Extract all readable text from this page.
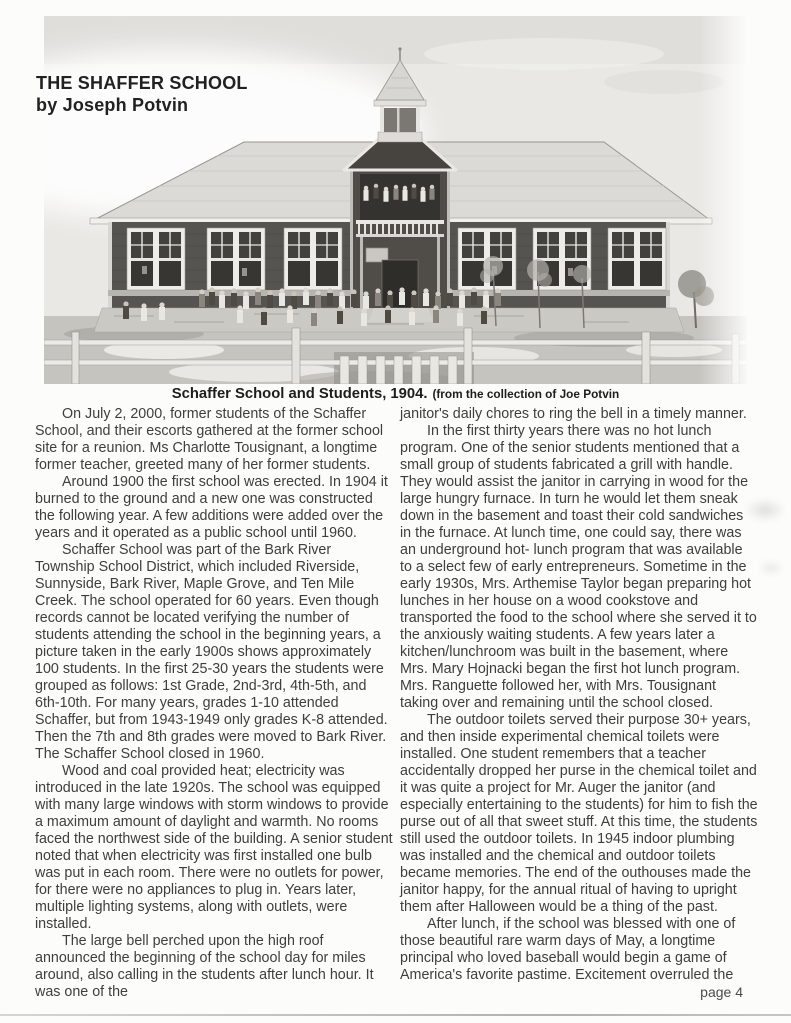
THE SHAFFER SCHOOL
by Joseph Potvin
Schaffer School and Students, 1904. (from the collection of Joe Potvin

On July 2, 2000, former students of the Schaffer School, and their escorts gathered at the former school site for a reunion. Ms Charlotte Tousignant, a longtime former teacher, greeted many of her former students.

Around 1900 the first school was erected. In 1904 it burned to the ground and a new one was constructed the following year. A few additions were added over the years and it operated as a public school until 1960.

Schaffer School was part of the Bark River Township School District, which included Riverside, Sunnyside, Bark River, Maple Grove, and Ten Mile Creek. The school operated for 60 years. Even though records cannot be located verifying the number of students attending the school in the beginning years, a picture taken in the early 1900s shows approximately 100 students. In the first 25-30 years the students were grouped as follows: 1st Grade, 2nd-3rd, 4th-5th, and 6th-10th. For many years, grades 1-10 attended Schaffer, but from 1943-1949 only grades K-8 attended. Then the 7th and 8th grades were moved to Bark River. The Schaffer School closed in 1960.

Wood and coal provided heat; electricity was introduced in the late 1920s. The school was equipped with many large windows with storm windows to provide a maximum amount of daylight and warmth. No rooms faced the northwest side of the building. A senior student noted that when electricity was first installed one bulb was put in each room. There were no outlets for power, for there were no appliances to plug in. Years later, multiple lighting systems, along with outlets, were installed.

The large bell perched upon the high roof announced the beginning of the school day for miles around, also calling in the students after lunch hour. It was one of the

janitor's daily chores to ring the bell in a timely manner.

In the first thirty years there was no hot lunch program. One of the senior students mentioned that a small group of students fabricated a grill with handle. They would assist the janitor in carrying in wood for the large hungry furnace. In turn he would let them sneak down in the basement and toast their cold sandwiches in the furnace. At lunch time, one could say, there was an underground hot- lunch program that was available to a select few of early entrepreneurs. Sometime in the early 1930s, Mrs. Arthemise Taylor began preparing hot lunches in her house on a wood cookstove and transported the food to the school where she served it to the anxiously waiting students. A few years later a kitchen/lunchroom was built in the basement, where Mrs. Mary Hojnacki began the first hot lunch program. Mrs. Ranguette followed her, with Mrs. Tousignant taking over and remaining until the school closed.

The outdoor toilets served their purpose 30+ years, and then inside experimental chemical toilets were installed. One student remembers that a teacher accidentally dropped her purse in the chemical toilet and it was quite a project for Mr. Auger the janitor (and especially entertaining to the students) for him to fish the purse out of all that sweet stuff. At this time, the students still used the outdoor toilets. In 1945 indoor plumbing was installed and the chemical and outdoor toilets became memories. The end of the outhouses made the janitor happy, for the annual ritual of having to upright them after Halloween would be a thing of the past.

After lunch, if the school was blessed with one of those beautiful rare warm days of May, a longtime principal who loved baseball would begin a game of America's favorite pastime. Excitement overruled the

page 4
